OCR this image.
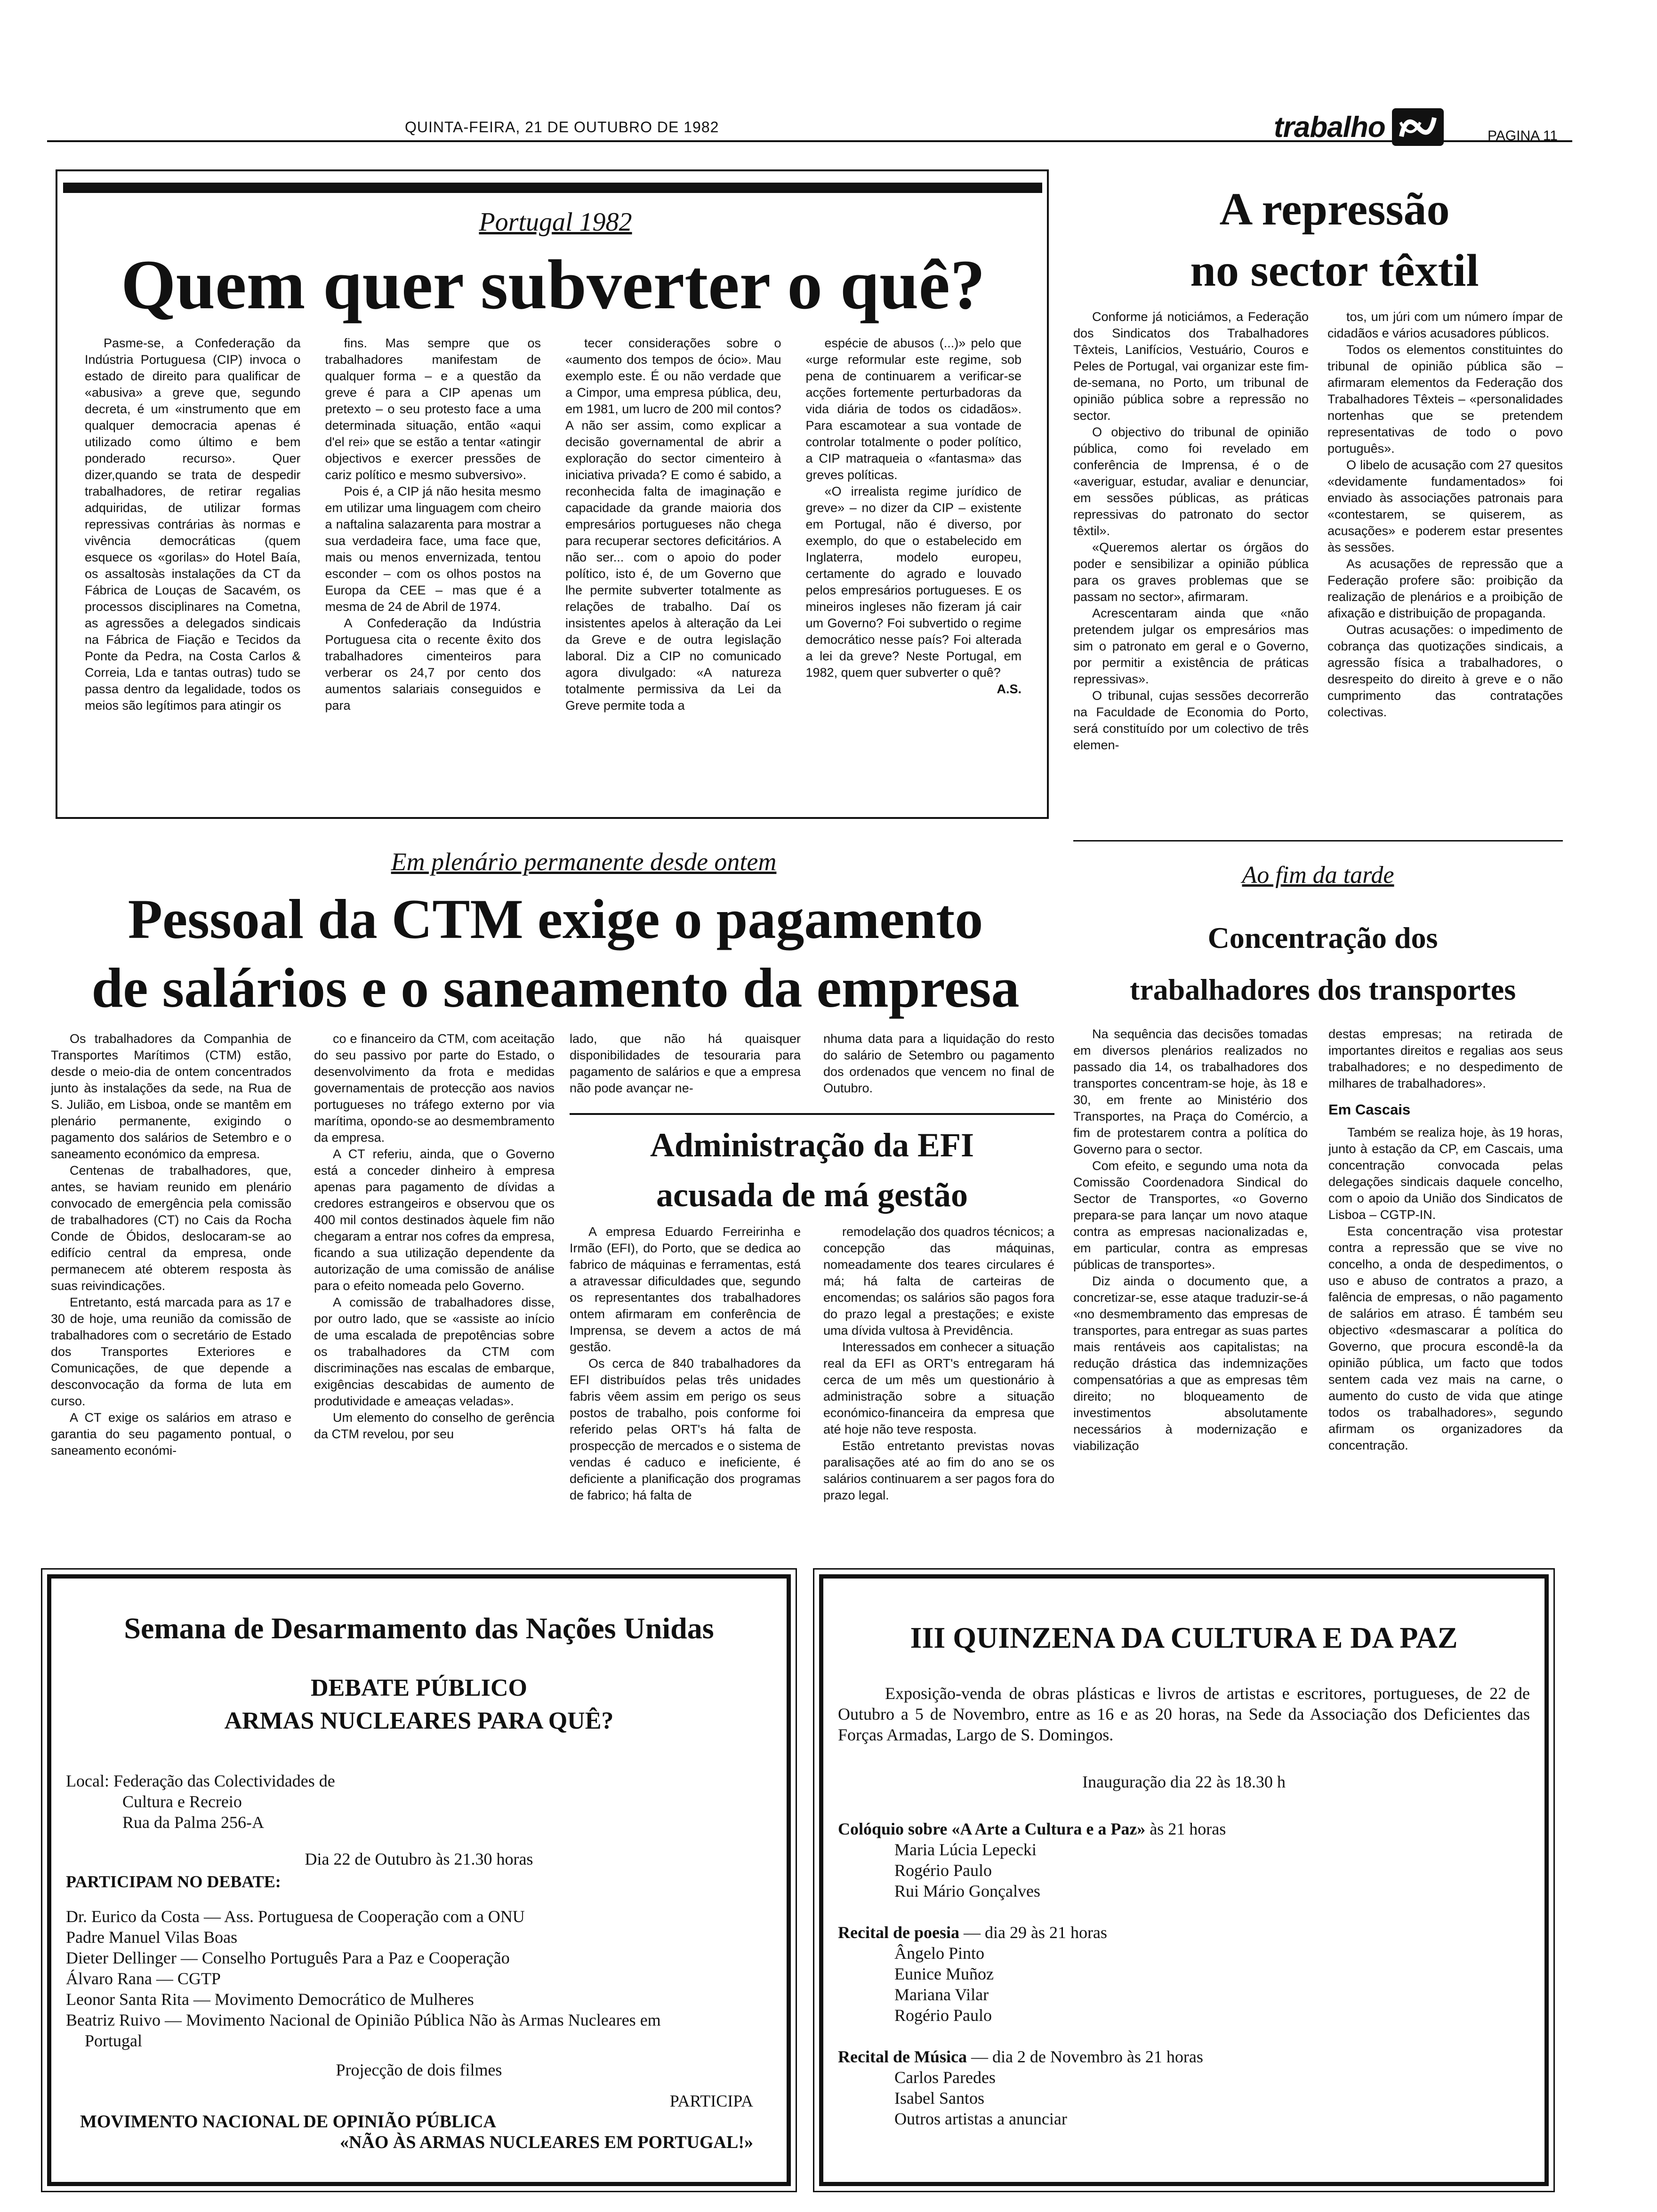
QUINTA-FEIRA, 21 DE OUTUBRO DE 1982	trabalho	PAGINA 11
Portugal 1982
Quem quer subverter o quê?

Pasme-se, a Confederação da Indústria Portuguesa (CIP) invoca o estado de direito para qualificar de «abusiva» a greve que, segundo decreta, é um «instrumento que em qualquer democracia apenas é utilizado como último e bem ponderado recurso». Quer dizer,quando se trata de despedir trabalhadores, de retirar regalias adquiridas, de utilizar formas repressivas contrárias às normas e vivência democráticas (quem esquece os «gorilas» do Hotel Baía, os assaltosàs instalações da CT da Fábrica de Louças de Sacavém, os processos disciplinares na Cometna, as agressões a delegados sindicais na Fábrica de Fiação e Tecidos da Ponte da Pedra, na Costa Carlos & Correia, Lda e tantas outras) tudo se passa dentro da legalidade, todos os meios são legítimos para atingir os

fins. Mas sempre que os trabalhadores manifestam de qualquer forma – e a questão da greve é para a CIP apenas um pretexto – o seu protesto face a uma determinada situação, então «aqui d'el rei» que se estão a tentar «atingir objectivos e exercer pressões de cariz político e mesmo subversivo».

Pois é, a CIP já não hesita mesmo em utilizar uma linguagem com cheiro a naftalina salazarenta para mostrar a sua verdadeira face, uma face que, mais ou menos envernizada, tentou esconder – com os olhos postos na Europa da CEE – mas que é a mesma de 24 de Abril de 1974.

A Confederação da Indústria Portuguesa cita o recente êxito dos trabalhadores cimenteiros para verberar os 24,7 por cento dos aumentos salariais conseguidos e para

tecer considerações sobre o «aumento dos tempos de ócio». Mau exemplo este. É ou não verdade que a Cimpor, uma empresa pública, deu, em 1981, um lucro de 200 mil contos? A não ser assim, como explicar a decisão governamental de abrir a exploração do sector cimenteiro à iniciativa privada? E como é sabido, a reconhecida falta de imaginação e capacidade da grande maioria dos empresários portugueses não chega para recuperar sectores deficitários. A não ser... com o apoio do poder político, isto é, de um Governo que lhe permite subverter totalmente as relações de trabalho. Daí os insistentes apelos à alteração da Lei da Greve e de outra legislação laboral. Diz a CIP no comunicado agora divulgado: «A natureza totalmente permissiva da Lei da Greve permite toda a

espécie de abusos (...)» pelo que «urge reformular este regime, sob pena de continuarem a verificar-se acções fortemente perturbadoras da vida diária de todos os cidadãos». Para escamotear a sua vontade de controlar totalmente o poder político, a CIP matraqueia o «fantasma» das greves políticas.

«O irrealista regime jurídico de greve» – no dizer da CIP – existente em Portugal, não é diverso, por exemplo, do que o estabelecido em Inglaterra, modelo europeu, certamente do agrado e louvado pelos empresários portugueses. E os mineiros ingleses não fizeram já cair um Governo? Foi subvertido o regime democrático nesse país? Foi alterada a lei da greve? Neste Portugal, em 1982, quem quer subverter o quê?

A.S.
A repressão
no sector têxtil

Conforme já noticiámos, a Federação dos Sindicatos dos Trabalhadores Têxteis, Lanifícios, Vestuário, Couros e Peles de Portugal, vai organizar este fim-de-semana, no Porto, um tribunal de opinião pública sobre a repressão no sector.

O objectivo do tribunal de opinião pública, como foi revelado em conferência de Imprensa, é o de «averiguar, estudar, avaliar e denunciar, em sessões públicas, as práticas repressivas do patronato do sector têxtil».

«Queremos alertar os órgãos do poder e sensibilizar a opinião pública para os graves problemas que se passam no sector», afirmaram.

Acrescentaram ainda que «não pretendem julgar os empresários mas sim o patronato em geral e o Governo, por permitir a existência de práticas repressivas».

O tribunal, cujas sessões decorrerão na Faculdade de Economia do Porto, será constituído por um colectivo de três elemen-

tos, um júri com um número ímpar de cidadãos e vários acusadores públicos.

Todos os elementos constituintes do tribunal de opinião pública são – afirmaram elementos da Federação dos Trabalhadores Têxteis – «personalidades nortenhas que se pretendem representativas de todo o povo português».

O libelo de acusação com 27 quesitos «devidamente fundamentados» foi enviado às associações patronais para «contestarem, se quiserem, as acusações» e poderem estar presentes às sessões.

As acusações de repressão que a Federação profere são: proibição da realização de plenários e a proibição de afixação e distribuição de propaganda.

Outras acusações: o impedimento de cobrança das quotizações sindicais, a agressão física a trabalhadores, o desrespeito do direito à greve e o não cumprimento das contratações colectivas.

Em plenário permanente desde ontem
Pessoal da CTM exige o pagamento
de salários e o saneamento da empresa

Os trabalhadores da Companhia de Transportes Marítimos (CTM) estão, desde o meio-dia de ontem concentrados junto às instalações da sede, na Rua de S. Julião, em Lisboa, onde se mantêm em plenário permanente, exigindo o pagamento dos salários de Setembro e o saneamento económico da empresa.

Centenas de trabalhadores, que, antes, se haviam reunido em plenário convocado de emergência pela comissão de trabalhadores (CT) no Cais da Rocha Conde de Óbidos, deslocaram-se ao edifício central da empresa, onde permanecem até obterem resposta às suas reivindicações.

Entretanto, está marcada para as 17 e 30 de hoje, uma reunião da comissão de trabalhadores com o secretário de Estado dos Transportes Exteriores e Comunicações, de que depende a desconvocação da forma de luta em curso.

A CT exige os salários em atraso e garantia do seu pagamento pontual, o saneamento económi-

co e financeiro da CTM, com aceitação do seu passivo por parte do Estado, o desenvolvimento da frota e medidas governamentais de protecção aos navios portugueses no tráfego externo por via marítima, opondo-se ao desmembramento da empresa.

A CT referiu, ainda, que o Governo está a conceder dinheiro à empresa apenas para pagamento de dívidas a credores estrangeiros e observou que os 400 mil contos destinados àquele fim não chegaram a entrar nos cofres da empresa, ficando a sua utilização dependente da autorização de uma comissão de análise para o efeito nomeada pelo Governo.

A comissão de trabalhadores disse, por outro lado, que se «assiste ao início de uma escalada de prepotências sobre os trabalhadores da CTM com discriminações nas escalas de embarque, exigências descabidas de aumento de produtividade e ameaças veladas».

Um elemento do conselho de gerência da CTM revelou, por seu

lado, que não há quaisquer disponibilidades de tesouraria para pagamento de salários e que a empresa não pode avançar ne-

nhuma data para a liquidação do resto do salário de Setembro ou pagamento dos ordenados que vencem no final de Outubro.

Administração da EFI
acusada de má gestão

A empresa Eduardo Ferreirinha e Irmão (EFI), do Porto, que se dedica ao fabrico de máquinas e ferramentas, está a atravessar dificuldades que, segundo os representantes dos trabalhadores ontem afirmaram em conferência de Imprensa, se devem a actos de má gestão.

Os cerca de 840 trabalhadores da EFI distribuídos pelas três unidades fabris vêem assim em perigo os seus postos de trabalho, pois conforme foi referido pelas ORT's há falta de prospecção de mercados e o sistema de vendas é caduco e ineficiente, é deficiente a planificação dos programas de fabrico; há falta de

remodelação dos quadros técnicos; a concepção das máquinas, nomeadamente dos teares circulares é má; há falta de carteiras de encomendas; os salários são pagos fora do prazo legal a prestações; e existe uma dívida vultosa à Previdência.

Interessados em conhecer a situação real da EFI as ORT's entregaram há cerca de um mês um questionário à administração sobre a situação económico-financeira da empresa que até hoje não teve resposta.

Estão entretanto previstas novas paralisações até ao fim do ano se os salários continuarem a ser pagos fora do prazo legal.

Ao fim da tarde
Concentração dos
trabalhadores dos transportes

Na sequência das decisões tomadas em diversos plenários realizados no passado dia 14, os trabalhadores dos transportes concentram-se hoje, às 18 e 30, em frente ao Ministério dos Transportes, na Praça do Comércio, a fim de protestarem contra a política do Governo para o sector.

Com efeito, e segundo uma nota da Comissão Coordenadora Sindical do Sector de Transportes, «o Governo prepara-se para lançar um novo ataque contra as empresas nacionalizadas e, em particular, contra as empresas públicas de transportes».

Diz ainda o documento que, a concretizar-se, esse ataque traduzir-se-á «no desmembramento das empresas de transportes, para entregar as suas partes mais rentáveis aos capitalistas; na redução drástica das indemnizações compensatórias a que as empresas têm direito; no bloqueamento de investimentos absolutamente necessários à modernização e viabilização

destas empresas; na retirada de importantes direitos e regalias aos seus trabalhadores; e no despedimento de milhares de trabalhadores».

Em Cascais

Também se realiza hoje, às 19 horas, junto à estação da CP, em Cascais, uma concentração convocada pelas delegações sindicais daquele concelho, com o apoio da União dos Sindicatos de Lisboa – CGTP-IN.

Esta concentração visa protestar contra a repressão que se vive no concelho, a onda de despedimentos, o uso e abuso de contratos a prazo, a falência de empresas, o não pagamento de salários em atraso. É também seu objectivo «desmascarar a política do Governo, que procura escondê-la da opinião pública, um facto que todos sentem cada vez mais na carne, o aumento do custo de vida que atinge todos os trabalhadores», segundo afirmam os organizadores da concentração.

Semana de Desarmamento das Nações Unidas
DEBATE PÚBLICO
ARMAS NUCLEARES PARA QUÊ?
Local: Federação das Colectividades de
Cultura e Recreio
Rua da Palma 256-A
Dia 22 de Outubro às 21.30 horas
PARTICIPAM NO DEBATE:
Dr. Eurico da Costa — Ass. Portuguesa de Cooperação com a ONU
Padre Manuel Vilas Boas
Dieter Dellinger — Conselho Português Para a Paz e Cooperação
Álvaro Rana — CGTP
Leonor Santa Rita — Movimento Democrático de Mulheres
Beatriz Ruivo — Movimento Nacional de Opinião Pública Não às Armas Nucleares em
Portugal
Projecção de dois filmes
PARTICIPA
MOVIMENTO NACIONAL DE OPINIÃO PÚBLICA
«NÃO ÀS ARMAS NUCLEARES EM PORTUGAL!»
III QUINZENA DA CULTURA E DA PAZ
Exposição-venda de obras plásticas e livros de artistas e escritores, portugueses, de 22 de Outubro a 5 de Novembro, entre as 16 e as 20 horas, na Sede da Associação dos Deficientes das Forças Armadas, Largo de S. Domingos.
Inauguração dia 22 às 18.30 h
Colóquio sobre «A Arte a Cultura e a Paz» às 21 horas
Maria Lúcia Lepecki
Rogério Paulo
Rui Mário Gonçalves
Recital de poesia — dia 29 às 21 horas
Ângelo Pinto
Eunice Muñoz
Mariana Vilar
Rogério Paulo
Recital de Música — dia 2 de Novembro às 21 horas
Carlos Paredes
Isabel Santos
Outros artistas a anunciar
